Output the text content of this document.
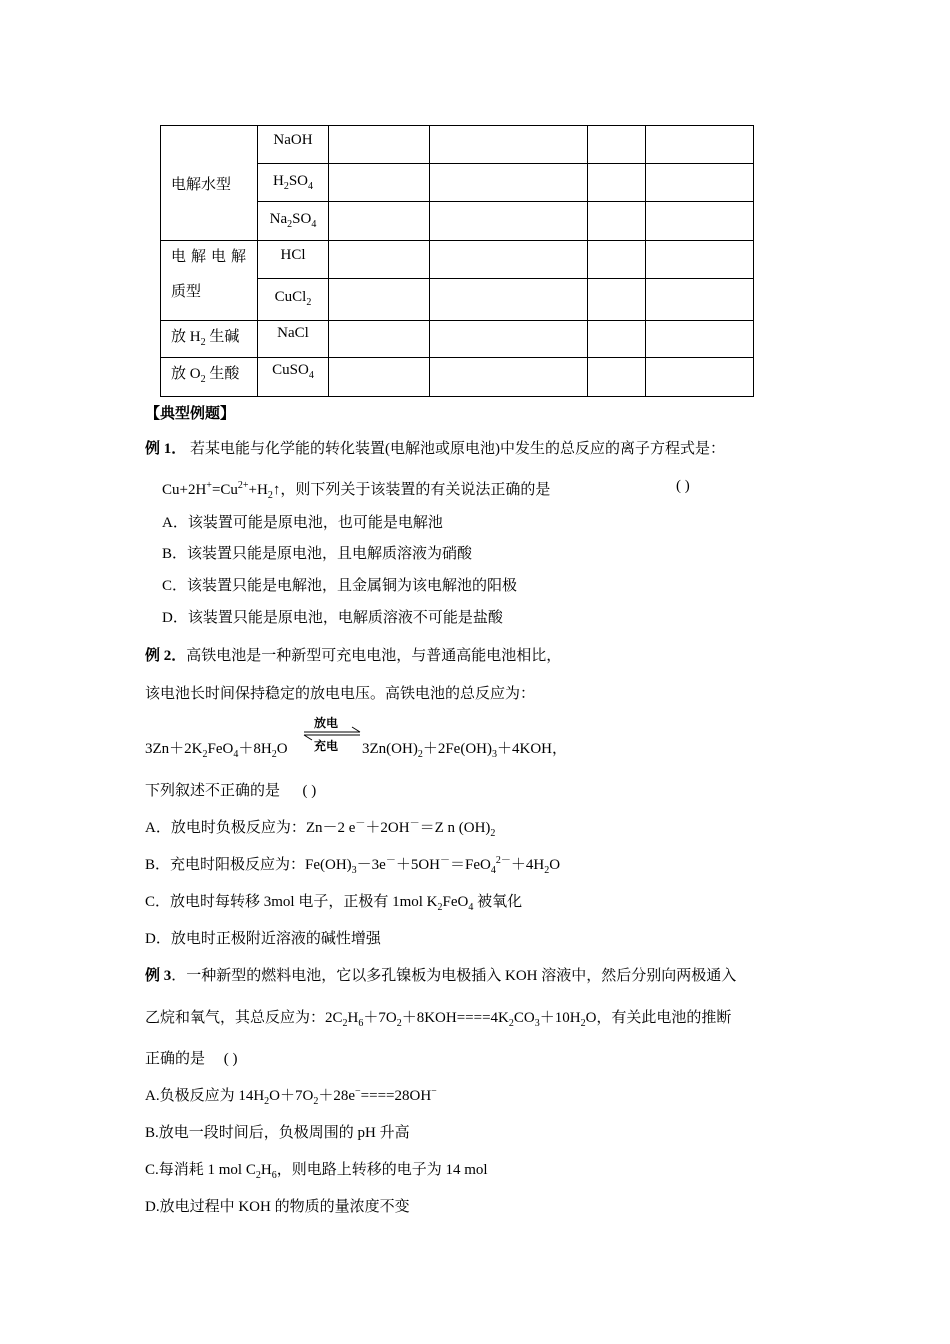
电解水型	NaOH				

	$H_2SO_4$

	$Na_2SO_4$

电解电解
质型	HCl				

	CuCl$_2$

放 $H_2$ 生碱	NaCl				

放 $O_2$ 生酸	CuSO$_4$

【典型例题】
例 1． 若某电能与化学能的转化装置(电解池或原电池)中发生的总反应的离子方程式是：
$Cu+2H^+=Cu^{2+}+H_2↑$，则下列关于该装置的有关说法正确的是	( )
A．该装置可能是原电池，也可能是电解池
B．该装置只能是原电池，且电解质溶液为硝酸
C．该装置只能是电解池，且金属铜为该电解池的阳极
D．该装置只能是原电池，电解质溶液不可能是盐酸
例 2．高铁电池是一种新型可充电电池，与普通高能电池相比，
该电池长时间保持稳定的放电电压。高铁电池的总反应为：
$3Zn+2K_2FeO_4+8H_2O$
放电
充电 $3Zn(OH)_2+2Fe(OH)_3+4KOH$，
下列叙述不正确的是 ( )
A．放电时负极反应为：Zn－2 e－＋2OH－＝Z n $(OH)_2$
B．充电时阳极反应为：$Fe(OH)_3-3e^-+5OH^-=FeO_4^{2-}+4H_2O$
C．放电时每转移 3mol 电子，正极有 1mol $K_2FeO_4$ 被氧化
D．放电时正极附近溶液的碱性增强
例 3．一种新型的燃料电池，它以多孔镍板为电极插入 KOH 溶液中，然后分别向两极通入
乙烷和氧气，其总反应为：$2C_2H_6+7O_2+8KOH====4K_2CO_3+10H_2O$，有关此电池的推断
正确的是 ( )
A.负极反应为 $14H_2O+7O_2+28e^-====28OH^-$
B.放电一段时间后，负极周围的 pH 升高
C.每消耗 1 mol $C_2H_6$，则电路上转移的电子为 14 mol
D.放电过程中 KOH 的物质的量浓度不变
